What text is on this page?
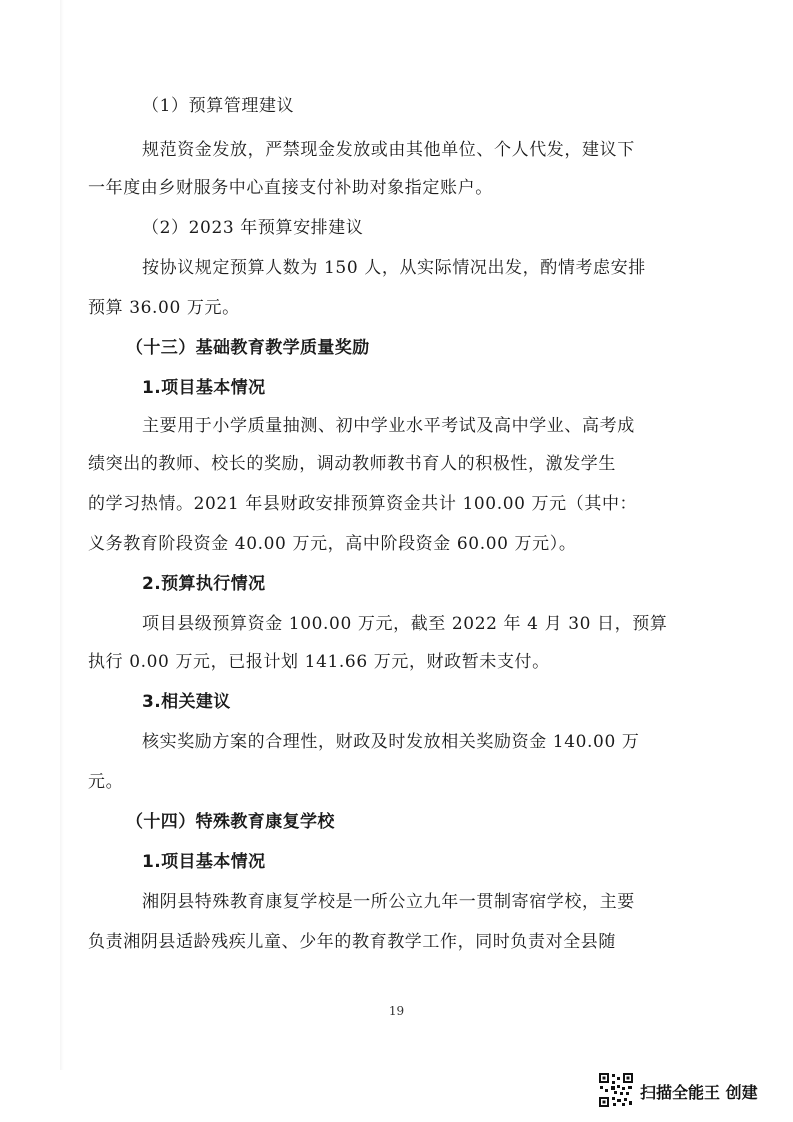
（1）预算管理建议
规范资金发放，严禁现金发放或由其他单位、个人代发，建议下
一年度由乡财服务中心直接支付补助对象指定账户。
（2）2023 年预算安排建议
按协议规定预算人数为 150 人，从实际情况出发，酌情考虑安排
预算 36.00 万元。
（十三）基础教育教学质量奖励
1.项目基本情况
主要用于小学质量抽测、初中学业水平考试及高中学业、高考成
绩突出的教师、校长的奖励，调动教师教书育人的积极性，激发学生
的学习热情。2021 年县财政安排预算资金共计 100.00 万元（其中：
义务教育阶段资金 40.00 万元，高中阶段资金 60.00 万元）。
2.预算执行情况
项目县级预算资金 100.00 万元，截至 2022 年 4 月 30 日，预算
执行 0.00 万元，已报计划 141.66 万元，财政暂未支付。
3.相关建议
核实奖励方案的合理性，财政及时发放相关奖励资金 140.00 万
元。
（十四）特殊教育康复学校
1.项目基本情况
湘阴县特殊教育康复学校是一所公立九年一贯制寄宿学校，主要
负责湘阴县适龄残疾儿童、少年的教育教学工作，同时负责对全县随
19
扫描全能王 创建
